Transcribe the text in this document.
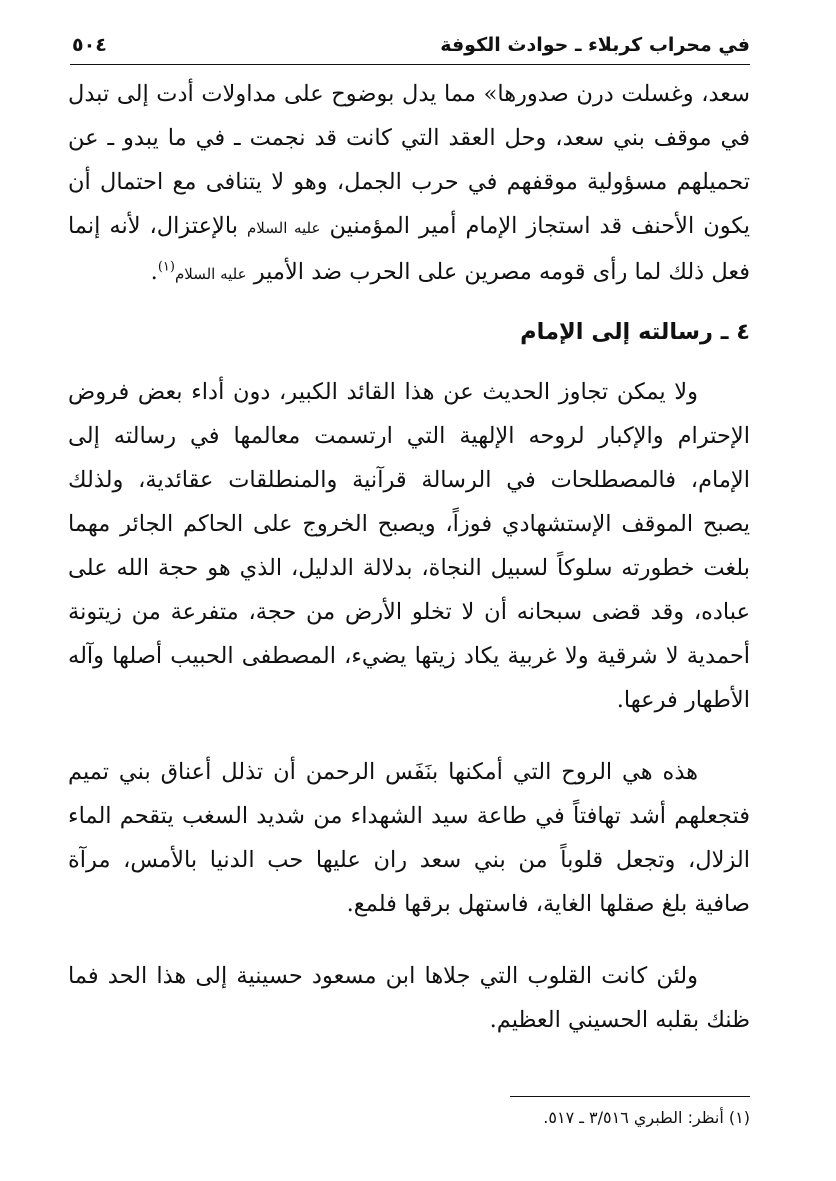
في محراب كربلاء ـ حوادث الكوفة
٥٠٤

سعد، وغسلت درن صدورها» مما يدل بوضوح على مداولات أدت إلى تبدل في موقف بني سعد، وحل العقد التي كانت قد نجمت ـ في ما يبدو ـ عن تحميلهم مسؤولية موقفهم في حرب الجمل، وهو لا يتنافى مع احتمال أن يكون الأحنف قد استجاز الإمام أمير المؤمنين عليه السلام بالإعتزال، لأنه إنما فعل ذلك لما رأى قومه مصرين على الحرب ضد الأمير عليه السلام$^{(١)}$.

٤ ـ رسالته إلى الإمام

ولا يمكن تجاوز الحديث عن هذا القائد الكبير، دون أداء بعض فروض الإحترام والإكبار لروحه الإلهية التي ارتسمت معالمها في رسالته إلى الإمام، فالمصطلحات في الرسالة قرآنية والمنطلقات عقائدية، ولذلك يصبح الموقف الإستشهادي فوزاً، ويصبح الخروج على الحاكم الجائر مهما بلغت خطورته سلوكاً لسبيل النجاة، بدلالة الدليل، الذي هو حجة الله على عباده، وقد قضى سبحانه أن لا تخلو الأرض من حجة، متفرعة من زيتونة أحمدية لا شرقية ولا غربية يكاد زيتها يضيء، المصطفى الحبيب أصلها وآله الأطهار فرعها.

هذه هي الروح التي أمكنها بنَفَس الرحمن أن تذلل أعناق بني تميم فتجعلهم أشد تهافتاً في طاعة سيد الشهداء من شديد السغب يتقحم الماء الزلال، وتجعل قلوباً من بني سعد ران عليها حب الدنيا بالأمس، مرآة صافية بلغ صقلها الغاية، فاستهل برقها فلمع.

ولئن كانت القلوب التي جلاها ابن مسعود حسينية إلى هذا الحد فما ظنك بقلبه الحسيني العظيم.

(١) أنظر: الطبري ٣/٥١٦ ـ ٥١٧.
